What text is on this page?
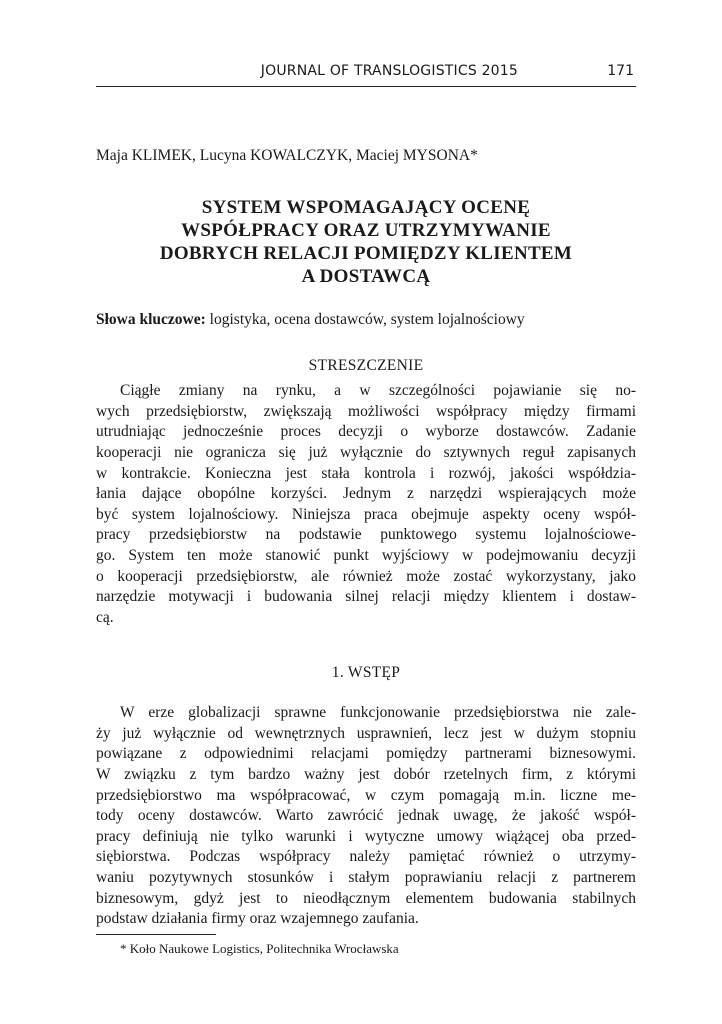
JOURNAL OF TRANSLOGISTICS 2015	171
Maja KLIMEK, Lucyna KOWALCZYK, Maciej MYSONA*
SYSTEM WSPOMAGAJĄCY OCENĘ
WSPÓŁPRACY ORAZ UTRZYMYWANIE
DOBRYCH RELACJI POMIĘDZY KLIENTEM
A DOSTAWCĄ
Słowa kluczowe: logistyka, ocena dostawców, system lojalnościowy
STRESZCZENIE
Ciągłe zmiany na rynku, a w szczególności pojawianie się no-
wych przedsiębiorstw, zwiększają możliwości współpracy między firmami
utrudniając jednocześnie proces decyzji o wyborze dostawców. Zadanie
kooperacji nie ogranicza się już wyłącznie do sztywnych reguł zapisanych
w kontrakcie. Konieczna jest stała kontrola i rozwój, jakości współdzia-
łania dające obopólne korzyści. Jednym z narzędzi wspierających może
być system lojalnościowy. Niniejsza praca obejmuje aspekty oceny współ-
pracy przedsiębiorstw na podstawie punktowego systemu lojalnościowe-
go. System ten może stanowić punkt wyjściowy w podejmowaniu decyzji
o kooperacji przedsiębiorstw, ale również może zostać wykorzystany, jako
narzędzie motywacji i budowania silnej relacji między klientem i dostaw-
cą.
1. WSTĘP
W erze globalizacji sprawne funkcjonowanie przedsiębiorstwa nie zale-
ży już wyłącznie od wewnętrznych usprawnień, lecz jest w dużym stopniu
powiązane z odpowiednimi relacjami pomiędzy partnerami biznesowymi.
W związku z tym bardzo ważny jest dobór rzetelnych firm, z którymi
przedsiębiorstwo ma współpracować, w czym pomagają m.in. liczne me-
tody oceny dostawców. Warto zawrócić jednak uwagę, że jakość współ-
pracy definiują nie tylko warunki i wytyczne umowy wiążącej oba przed-
siębiorstwa. Podczas współpracy należy pamiętać również o utrzymy-
waniu pozytywnych stosunków i stałym poprawianiu relacji z partnerem
biznesowym, gdyż jest to nieodłącznym elementem budowania stabilnych
podstaw działania firmy oraz wzajemnego zaufania.
* Koło Naukowe Logistics, Politechnika Wrocławska
